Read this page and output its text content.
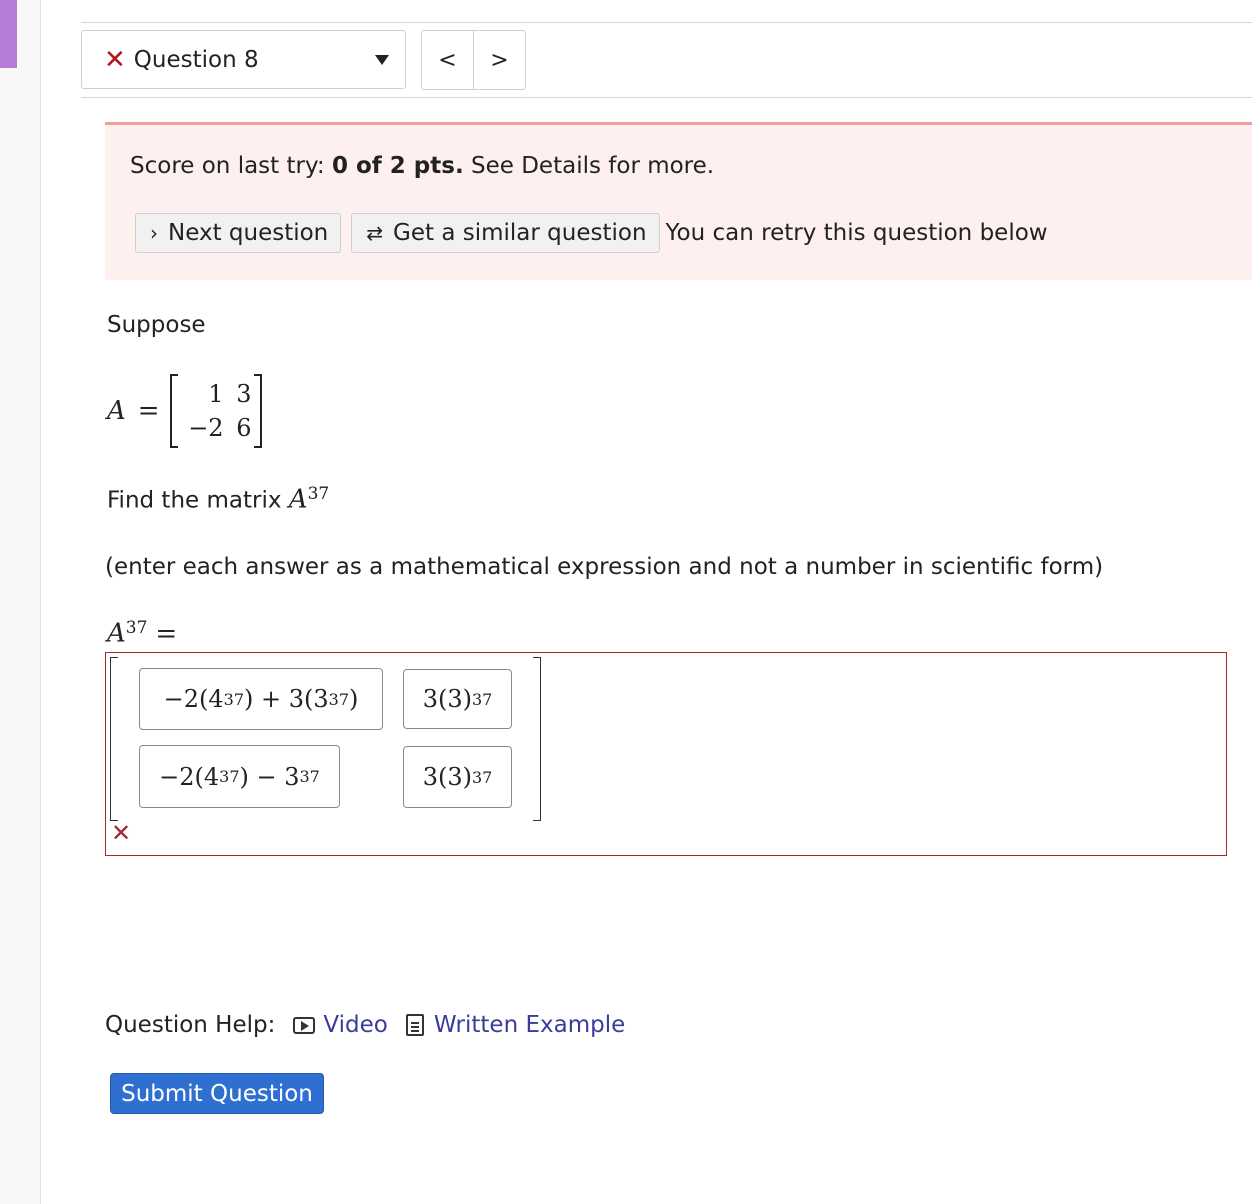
✕ Question 8	<	>
Score on last try: 0 of 2 pts. See Details for more.
› Next question ⇄ Get a similar question You can retry this question below
Suppose
A =
1 3
−2 6
Find the matrix $A^{37}$
(enter each answer as a mathematical expression and not a number in scientific form)
$A^{37}$ =
−2(4 37 ) + 3(3 37 )	3(3) 37
−2(4 37 ) − 3 37	3(3) 37
✕
Question Help: Video Written Example
Submit Question
